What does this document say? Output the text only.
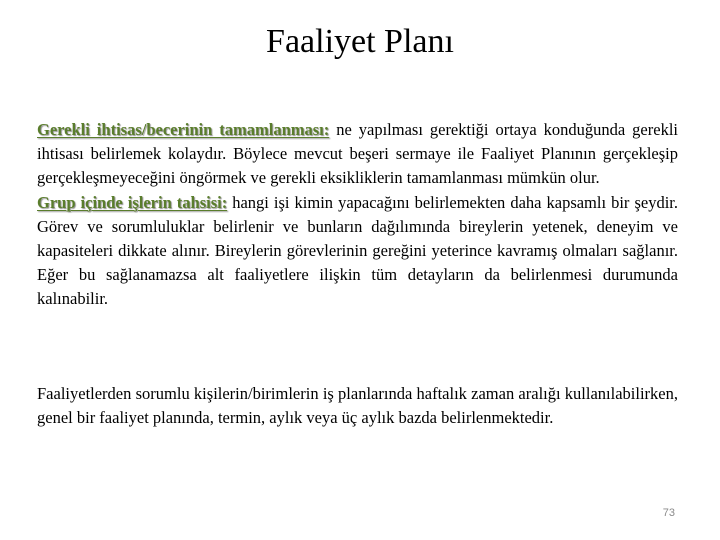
Faaliyet Planı

Gerekli ihtisas/becerinin tamamlanması: ne yapılması gerektiği ortaya konduğunda gerekli ihtisası belirlemek kolaydır. Böylece mevcut beşeri sermaye ile Faaliyet Planının gerçekleşip gerçekleşmeyeceğini öngörmek ve gerekli eksikliklerin tamamlanması mümkün olur.

Grup içinde işlerin tahsisi: hangi işi kimin yapacağını belirlemekten daha kapsamlı bir şeydir. Görev ve sorumluluklar belirlenir ve bunların dağılımında bireylerin yetenek, deneyim ve kapasiteleri dikkate alınır. Bireylerin görevlerinin gereğini yeterince kavramış olmaları sağlanır. Eğer bu sağlanamazsa alt faaliyetlere ilişkin tüm detayların da belirlenmesi durumunda kalınabilir.

Faaliyetlerden sorumlu kişilerin/birimlerin iş planlarında haftalık zaman aralığı kullanılabilirken, genel bir faaliyet planında, termin, aylık veya üç aylık bazda belirlenmektedir.

73
